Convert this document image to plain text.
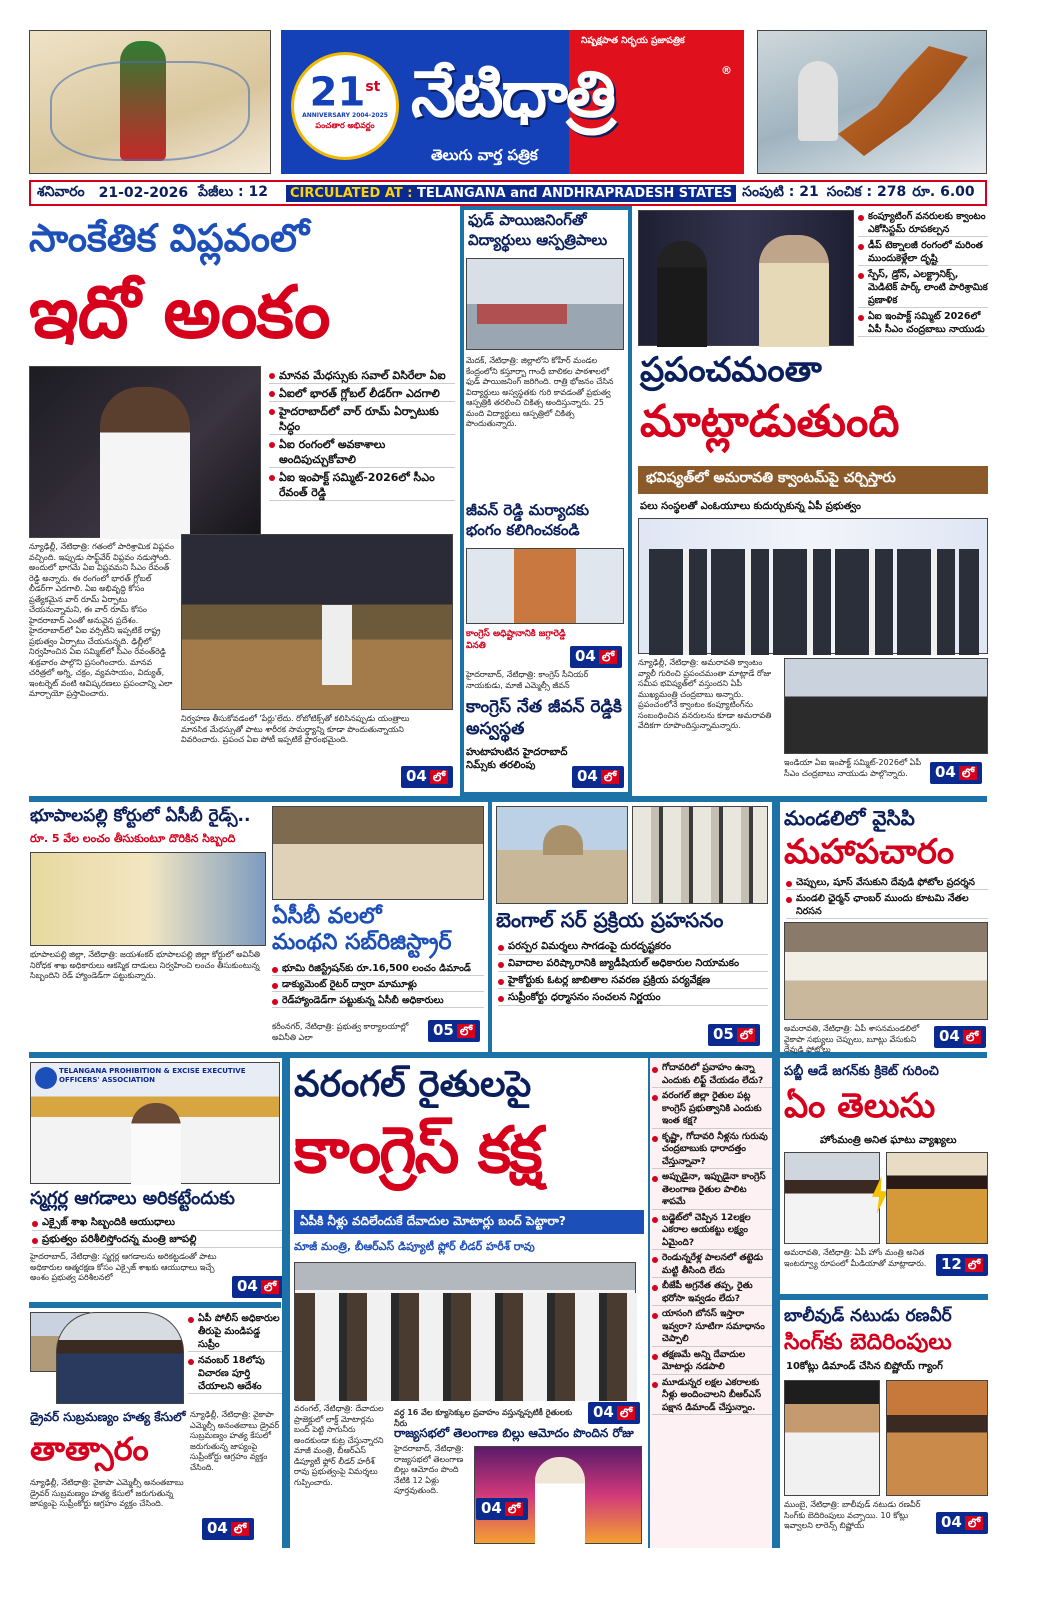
నిష్పక్షపాత నిర్భయ ప్రజాపత్రిక
21st
ANNIVERSARY 2004-2025
పంచతార అభివర్ణం నేటిధాత్రి	®
తెలుగు వార్త పత్రిక
శనివారం 21-02-2026 పేజీలు : 12	CIRCULATED AT : TELANGANA and ANDHRAPRADESH STATES సంపుటి : 21 సంచిక : 278 రూ. 6.00
సాంకేతిక విప్లవంలో
ఇదో అంకం
మానవ మేధస్సుకు సవాల్ విసిరేలా ఏఐ
ఏఐలో భారత్ గ్లోబల్ లీడర్‌గా ఎదగాలి
హైదరాబాద్‌లో వార్ రూమ్ ఏర్పాటుకు సిద్ధం
ఏఐ రంగంలో అవకాశాలు అందిపుచ్చుకోవాలి
ఏఐ ఇంపాక్ట్ సమ్మిట్-2026లో సీఎం రేవంత్ రెడ్డి
న్యూఢిల్లీ, నేటిధాత్రి: గతంలో పారిశ్రామిక విప్లవం వచ్చింది. ఇప్పుడు సాఫ్ట్‌వేర్ విప్లవం నడుస్తోంది. అందులో భాగమే ఏఐ విప్లవమని సీఎం రేవంత్ రెడ్డి అన్నారు. ఈ రంగంలో భారత్ గ్లోబల్ లీడర్‌గా ఎదగాలి. ఏఐ అభివృద్ధి కోసం ప్రత్యేకమైన వార్ రూమ్ ఏర్పాటు చేయనున్నామని, ఈ వార్ రూమ్ కోసం హైదరాబాద్ ఎంతో అనువైన ప్రదేశం. హైదరాబాద్‌లో ఏఐ వర్సిటీని ఇప్పటికే రాష్ట్ర ప్రభుత్వం ఏర్పాటు చేయనున్నది. ఢిల్లీలో నిర్వహించిన ఏఐ సమ్మిట్‌లో సీఎం రేవంత్‌రెడ్డి శుక్రవారం పాల్గొని ప్రసంగించారు. మానవ చరిత్రలో అగ్ని, చక్రం, వ్యవసాయం, విద్యుత్, ఇంటర్నెట్ వంటి ఆవిష్కరణలు ప్రపంచాన్ని ఎలా మార్చాయో ప్రస్తావించారు.
నిర్వహణ తీసుకోవడంలో 'పేర్లు'లేదు. రోబోటిక్స్‌తో కలిసినప్పుడు యంత్రాలు మానసిక మేధస్సుతో పాటు శారీరక సామర్థ్యాన్ని కూడా పొందుతున్నాయని వివరించారు. ప్రపంచ ఏఐ పోటీ ఇప్పటికే ప్రారంభమైంది.
04 లో
ఫుడ్ పాయిజనింగ్‌తో విద్యార్థులు ఆస్పత్రిపాలు
మెదక్, నేటిధాత్రి: జిల్లాలోని కోహీర్ మండల కేంద్రంలోని కస్తూర్బా గాంధీ బాలికల పాఠశాలలో ఫుడ్ పాయిజనింగ్ జరిగింది. రాత్రి భోజనం చేసిన విద్యార్థులు అస్వస్థతకు గురి కావడంతో ప్రభుత్వ ఆస్పత్రికి తరలించి చికిత్స అందిస్తున్నారు. 25 మంది విద్యార్థులు ఆస్పత్రిలో చికిత్స పొందుతున్నారు.
జీవన్ రెడ్డి మర్యాదకు భంగం కలిగించకండి
కాంగ్రెస్ అధిష్టానానికి జగ్గారెడ్డి వినతి
04 లో
హైదరాబాద్, నేటిధాత్రి: కాంగ్రెస్ సీనియర్ నాయకుడు, మాజీ ఎమ్మెల్సీ జీవన్
కాంగ్రెస్ నేత జీవన్ రెడ్డికి అస్వస్థత
హుటాహుటిన హైదరాబాద్ నిమ్స్‌కు తరలింపు
04 లో
కంప్యూటింగ్ వనరులకు క్వాంటం ఎకోసిస్టమ్ రూపకల్పన
డీప్ టెక్నాలజీ రంగంలో మరింత ముందుకెళ్లేలా దృష్టి
స్పేస్, డ్రోన్, ఎలక్ట్రానిక్స్, మెడిటెక్ పార్క్ లాంటి పారిశ్రామిక ప్రణాళిక
ఏఐ ఇంపాక్ట్ సమ్మిట్ 2026లో ఏపీ సీఎం చంద్రబాబు నాయుడు
ప్రపంచమంతా
మాట్లాడుతుంది
భవిష్యత్‌లో అమరావతి క్వాంటమ్‌పై చర్చిస్తారు
పలు సంస్థలతో ఎంఓయూలు కుదుర్చుకున్న ఏపీ ప్రభుత్వం
న్యూఢిల్లీ, నేటిధాత్రి: అమరావతి క్వాంటం వ్యాలీ గురించి ప్రపంచమంతా మాట్లాడే రోజు సమీప భవిష్యత్‌లో వస్తుందని ఏపీ ముఖ్యమంత్రి చంద్రబాబు అన్నారు. ప్రపంచంలోనే క్వాంటం కంప్యూటింగ్‌ను సంబంధించిన వనరులను కూడా అమరావతి వేదికగా రూపొందిస్తున్నామన్నారు.
ఇండియా ఏఐ ఇంపాక్ట్ సమ్మిట్-2026లో ఏపీ సీఎం చంద్రబాబు నాయుడు పాల్గొన్నారు.	04 లో
భూపాలపల్లి కోర్టులో ఏసీబీ రైడ్స్..
రూ. 5 వేల లంచం తీసుకుంటూ దొరికిన సిబ్బంది
భూపాలపల్లి జిల్లా, నేటిధాత్రి: జయశంకర్ భూపాలపల్లి జిల్లా కోర్టులో అవినీతి నిరోధక శాఖ అధికారులు ఆకస్మిక దాడులు నిర్వహించి లంచం తీసుకుంటున్న సిబ్బందిని రెడ్ హ్యాండెడ్‌గా పట్టుకున్నారు.
ఏసీబీ వలలో
మంథని సబ్‌రిజిస్ట్రార్
భూమి రిజిస్ట్రేషన్‌కు రూ.16,500 లంచం డిమాండ్
డాక్యుమెంట్ రైటర్ ద్వారా మామూళ్లు
రెడ్‌హ్యాండెడ్‌గా పట్టుకున్న ఏసీబీ అధికారులు
కరీంనగర్, నేటిధాత్రి: ప్రభుత్వ కార్యాలయాల్లో అవినీతి ఎలా	05 లో
బెంగాల్ సర్ ప్రక్రియ ప్రహసనం
పరస్పర విమర్శలు సాగడంపై దురదృష్టకరం
వివాదాల పరిష్కారానికి జ్యుడీషియల్ అధికారుల నియామకం
హైకోర్టుకు ఓటర్ల జాబితాల సవరణ ప్రక్రియ పర్యవేక్షణ
సుప్రీంకోర్టు ధర్మాసనం సంచలన నిర్ణయం
05 లో
మండలిలో వైసిపి
మహాపచారం
చెప్పులు, షూస్ వేసుకుని దేవుడి ఫోటోల ప్రదర్శన
మండలి ఛైర్మన్ ఛాంబర్ ముందు కూటమి నేతల నిరసన
అమరావతి, నేటిధాత్రి: ఏపీ శాసనమండలిలో వైకాపా సభ్యులు చెప్పులు, బూట్లు వేసుకుని దేవుడి ఫోటోలు
04 లో
TELANGANA PROHIBITION & EXCISE EXECUTIVE OFFICERS' ASSOCIATION
స్మగ్లర్ల ఆగడాలు అరికట్టేందుకు
ఎక్సైజ్ శాఖ సిబ్బందికి ఆయుధాలు
ప్రభుత్వం పరిశీలిస్తోందన్న మంత్రి జూపల్లి
హైదరాబాద్, నేటిధాత్రి: స్మగ్లర్ల ఆగడాలను అరికట్టడంతో పాటు అధికారుల ఆత్మరక్షణ కోసం ఎక్సైజ్ శాఖకు ఆయుధాలు ఇచ్చే అంశం ప్రభుత్వ పరిశీలనలో	04 లో
ఏపీ పోలీస్ అధికారుల తీరుపై మండిపడ్డ సుప్రీం
నవంబర్ 18లోపు విచారణ పూర్తి చేయాలని ఆదేశం
డ్రైవర్ సుబ్రమణ్యం హత్య కేసులో
తాత్సారం
న్యూఢిల్లీ, నేటిధాత్రి: వైకాపా ఎమ్మెల్సీ అనంతబాబు డ్రైవర్ సుబ్రమణ్యం హత్య కేసులో జరుగుతున్న జాప్యంపై సుప్రీంకోర్టు ఆగ్రహం వ్యక్తం చేసింది.
న్యూఢిల్లీ, నేటిధాత్రి: వైకాపా ఎమ్మెల్సీ అనంతబాబు డ్రైవర్ సుబ్రమణ్యం హత్య కేసులో జరుగుతున్న జాప్యంపై సుప్రీంకోర్టు ఆగ్రహం వ్యక్తం చేసింది.
04 లో
వరంగల్ రైతులపై
కాంగ్రెస్ కక్ష
ఏపీకి నీళ్లు వదిలేందుకే దేవాదుల మోటార్లు బంద్ పెట్టారా?
మాజీ మంత్రి, బీఆర్ఎస్ డిప్యూటీ ఫ్లోర్ లీడర్ హరీశ్ రావు
వరంగల్, నేటిధాత్రి: దేవాదుల ప్రాజెక్టులో లాక్డ్ మోటార్లను బంద్ పెట్టి సాగునీరు అందకుండా కుట్ర చేస్తున్నారని మాజీ మంత్రి, బీఆర్ఎస్ డిప్యూటీ ఫ్లోర్ లీడర్ హరీశ్ రావు ప్రభుత్వంపై విమర్శలు గుప్పించారు.
వర్ధ 16 వేల క్యూసెక్కుల ప్రవాహం వస్తున్నప్పటికీ రైతులకు నీరు
04 లో
రాజ్యసభలో తెలంగాణ బిల్లు ఆమోదం పొందిన రోజు
హైదరాబాద్, నేటిధాత్రి: రాజ్యసభలో తెలంగాణ బిల్లు ఆమోదం పొంది నేటికి 12 ఏళ్లు పూర్తవుతుంది.
04 లో
గోదావరిలో ప్రవాహం ఉన్నా ఎందుకు లిఫ్ట్ చేయడం లేదు?
వరంగల్ జిల్లా రైతుల పట్ల కాంగ్రెస్ ప్రభుత్వానికి ఎందుకు ఇంత కక్ష?
కృష్ణా, గోదావరి నీళ్లను గురువు చంద్రబాబుకు ధారాదత్తం చేస్తున్నావా?
అప్పుడైనా, ఇప్పుడైనా కాంగ్రెస్ తెలంగాణ రైతుల పాలిట శాపమే
బడ్జెట్‌లో చెప్పిన 12లక్షల ఎకరాల ఆయకట్టు లక్ష్యం ఏమైంది?
రెండున్నరేళ్ల పాలనలో తట్టెడు మట్టి తీసింది లేదు
బీజేపీ అగ్రనేత తప్ప, రైతు భరోసా ఇవ్వడం లేదు?
యాసంగి బోనస్ ఇస్తారా ఇవ్వరా? సూటిగా సమాధానం చెప్పాలి
తక్షణమే అన్ని దేవాదుల మోటార్లు నడపాలి
మూడున్నర లక్షల ఎకరాలకు నీళ్లు అందించాలని బీఆర్ఎస్ పక్షాన డిమాండ్ చేస్తున్నాం.
పబ్జీ ఆడే జగన్‌కు క్రికెట్ గురించి
ఏం తెలుసు
హోంమంత్రి అనిత ఘాటు వ్యాఖ్యలు
అమరావతి, నేటిధాత్రి: ఏపీ హోం మంత్రి అనిత ఇంటర్వ్యూ రూపంలో మీడియాతో మాట్లాడారు. 12 లో
బాలీవుడ్ నటుడు రణవీర్
సింగ్‌కు బెదిరింపులు
10కోట్లు డిమాండ్ చేసిన బిష్ణోయ్ గ్యాంగ్
ముంబై, నేటిధాత్రి: బాలీవుడ్ నటుడు రణవీర్ సింగ్‌కు బెదిరింపులు వచ్చాయి. 10 కోట్లు ఇవ్వాలని లారెన్స్ బిష్ణోయ్	04 లో
